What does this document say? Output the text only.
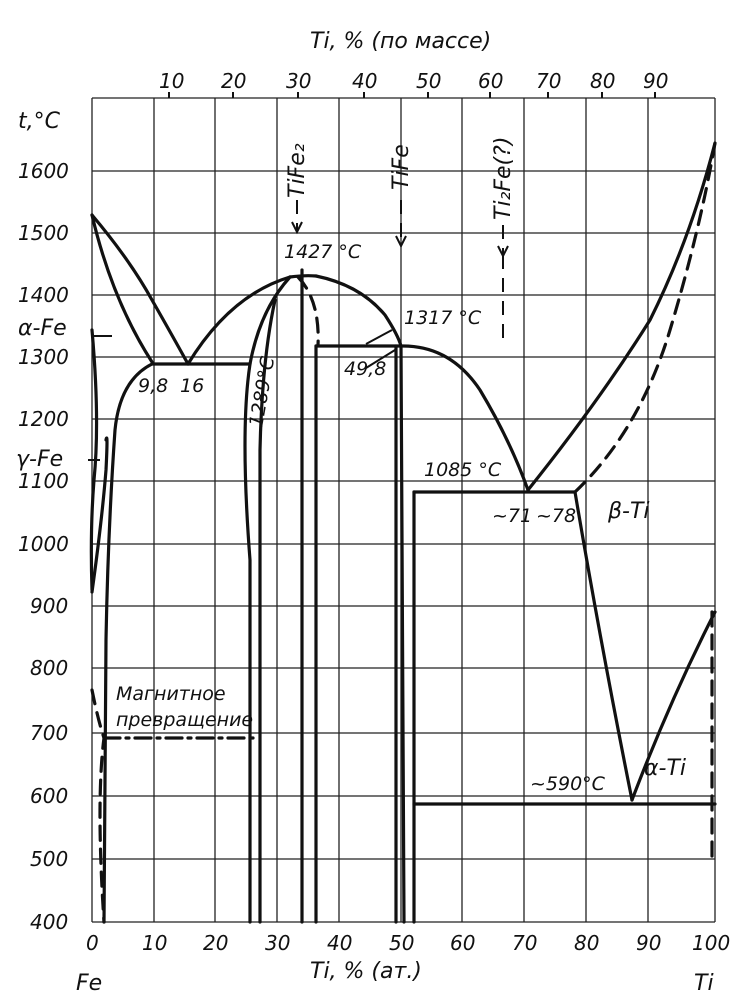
Ti, % (по массе)
t,°C
Ti, % (ат.)
Fe	Ti
10 20 30 40 50 60 70 80 90
0 10 20 30 40 50 60 70 80 90 100
400
500
600
700
800
900
1000
1100
1200
1300
1400
1500
1600	TiFe₂	TiFe	Ti₂Fe(?)
α-Fe
γ-Fe
β-Ti
α-Ti
1427 °C
1317 °C
1289°C
1085 °C
~590°C
9,8 16
49,8
~71 ~78
Магнитное
превращение
